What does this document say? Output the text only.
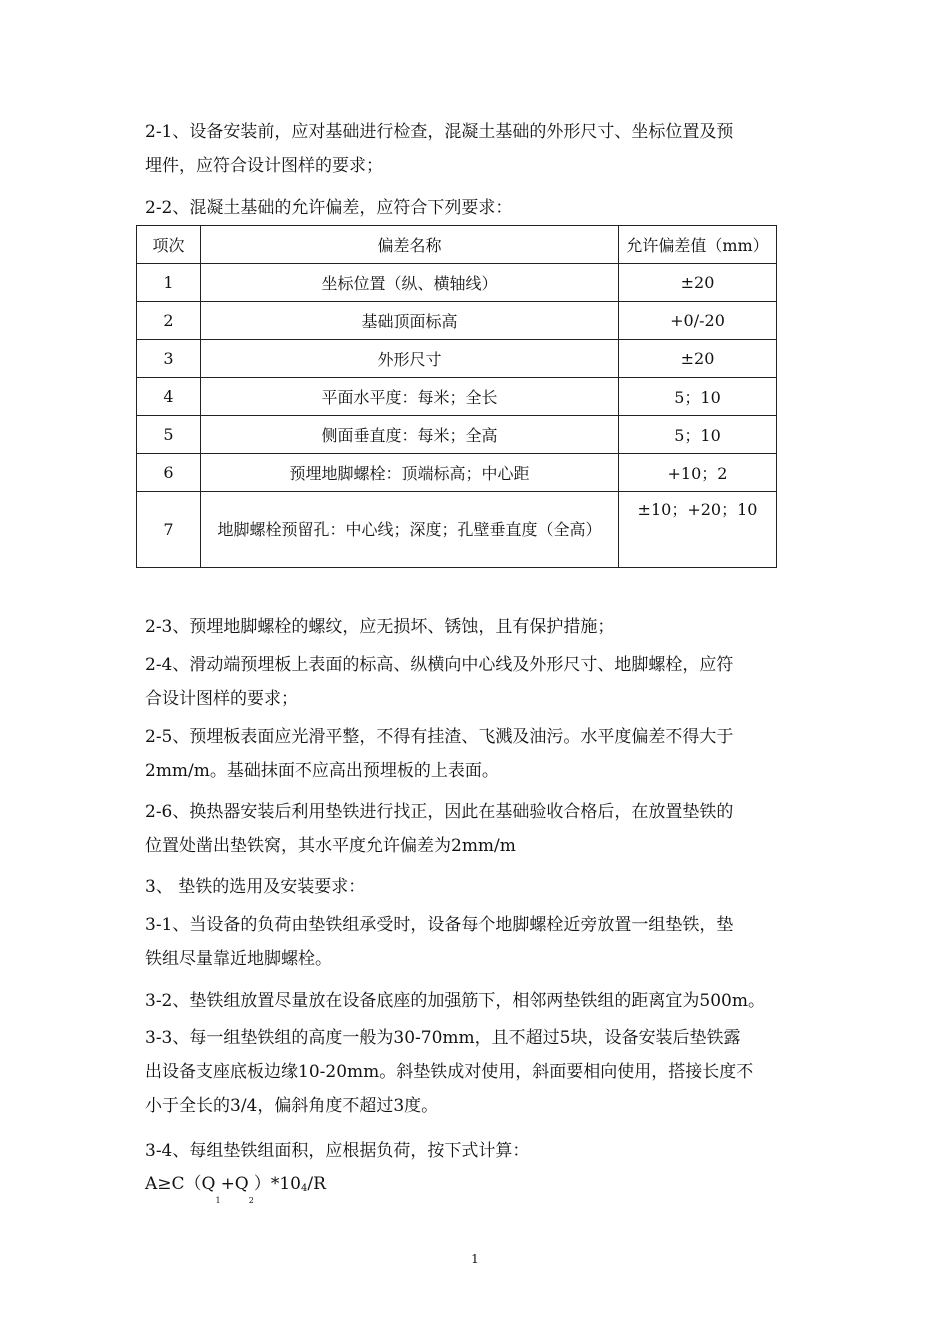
2-1、设备安装前，应对基础进行检查，混凝土基础的外形尺寸、坐标位置及预
埋件，应符合设计图样的要求；
2-2、混凝土基础的允许偏差，应符合下列要求：
项次	偏差名称	允许偏差值（mm）
1	坐标位置（纵、横轴线）	±20
2	基础顶面标高	+0/-20
3	外形尺寸	±20
4	平面水平度：每米；全长	5；10
5	侧面垂直度：每米；全高	5；10
6	预埋地脚螺栓：顶端标高；中心距	+10；2
7	地脚螺栓预留孔：中心线；深度；孔壁垂直度（全高）	±10；+20；10
2-3、预埋地脚螺栓的螺纹，应无损坏、锈蚀，且有保护措施；
2-4、滑动端预埋板上表面的标高、纵横向中心线及外形尺寸、地脚螺栓，应符
合设计图样的要求；
2-5、预埋板表面应光滑平整，不得有挂渣、飞溅及油污。水平度偏差不得大于
2mm/m。基础抹面不应高出预埋板的上表面。
2-6、换热器安装后利用垫铁进行找正，因此在基础验收合格后，在放置垫铁的
位置处凿出垫铁窝，其水平度允许偏差为2mm/m
3、 垫铁的选用及安装要求：
3-1、当设备的负荷由垫铁组承受时，设备每个地脚螺栓近旁放置一组垫铁，垫
铁组尽量靠近地脚螺栓。
3-2、垫铁组放置尽量放在设备底座的加强筋下，相邻两垫铁组的距离宜为500m。
3-3、每一组垫铁组的高度一般为30-70mm，且不超过5块，设备安装后垫铁露
出设备支座底板边缘10-20mm。斜垫铁成对使用，斜面要相向使用，搭接长度不
小于全长的3/4，偏斜角度不超过3度。
3-4、每组垫铁组面积，应根据负荷，按下式计算：
$A\ge C(Q_1+Q_2)*104/R$
1
